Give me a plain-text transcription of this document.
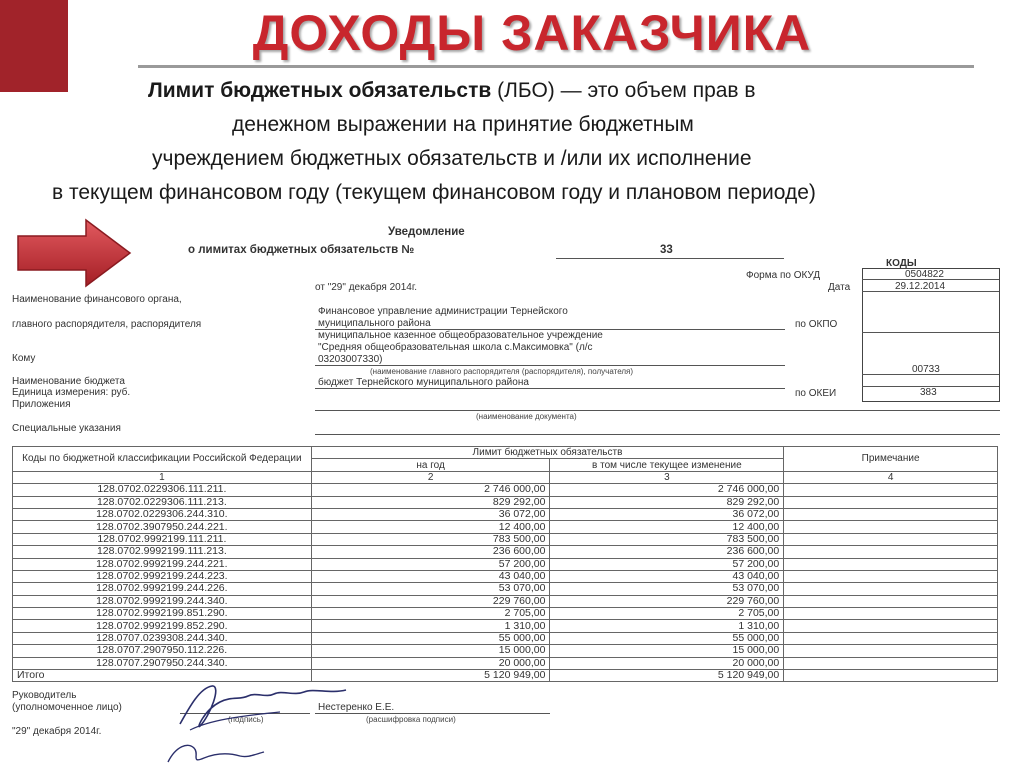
ДОХОДЫ ЗАКАЗЧИКА
Лимит бюджетных обязательств (ЛБО) — это объем прав в
денежном выражении на принятие бюджетным
учреждением бюджетных обязательств и /или их исполнение
в текущем финансовом году (текущем финансовом году и плановом периоде)
Уведомление
о лимитах бюджетных обязательств №	33
КОДЫ
Форма по ОКУД	0504822
Дата	29.12.2014
от "29" декабря 2014г.
Наименование финансового органа,
Финансовое управление администрации Тернейского
главного распорядителя, распорядителя	муниципального района	по ОКПО
муниципальное казенное общеобразовательное учреждение
"Средняя общеобразовательная школа с.Максимовка" (л/с
Кому	03203007330)
(наименование главного распорядителя (распорядителя), получателя)	00733
Наименование бюджета	бюджет Тернейского муниципального района
Единица измерения: руб.	по ОКЕИ	383
Приложения
(наименование документа)
Специальные указания
Коды по бюджетной классификации Российской Федерации	Лимит бюджетных обязательств		Примечание
	на год	в том числе текущее изменение	
1	2	3	4
128.0702.0229306.111.211.	2 746 000,00	2 746 000,00	
128.0702.0229306.111.213.	829 292,00	829 292,00	
128.0702.0229306.244.310.	36 072,00	36 072,00	
128.0702.3907950.244.221.	12 400,00	12 400,00	
128.0702.9992199.111.211.	783 500,00	783 500,00	
128.0702.9992199.111.213.	236 600,00	236 600,00	
128.0702.9992199.244.221.	57 200,00	57 200,00	
128.0702.9992199.244.223.	43 040,00	43 040,00	
128.0702.9992199.244.226.	53 070,00	53 070,00	
128.0702.9992199.244.340.	229 760,00	229 760,00	
128.0702.9992199.851.290.	2 705,00	2 705,00	
128.0702.9992199.852.290.	1 310,00	1 310,00	
128.0707.0239308.244.340.	55 000,00	55 000,00	
128.0707.2907950.112.226.	15 000,00	15 000,00	
128.0707.2907950.244.340.	20 000,00	20 000,00	
Итого	5 120 949,00	5 120 949,00	
Руководитель
(уполномоченное лицо)
(подпись)
Нестеренко Е.Е.
(расшифровка подписи)
"29" декабря 2014г.
